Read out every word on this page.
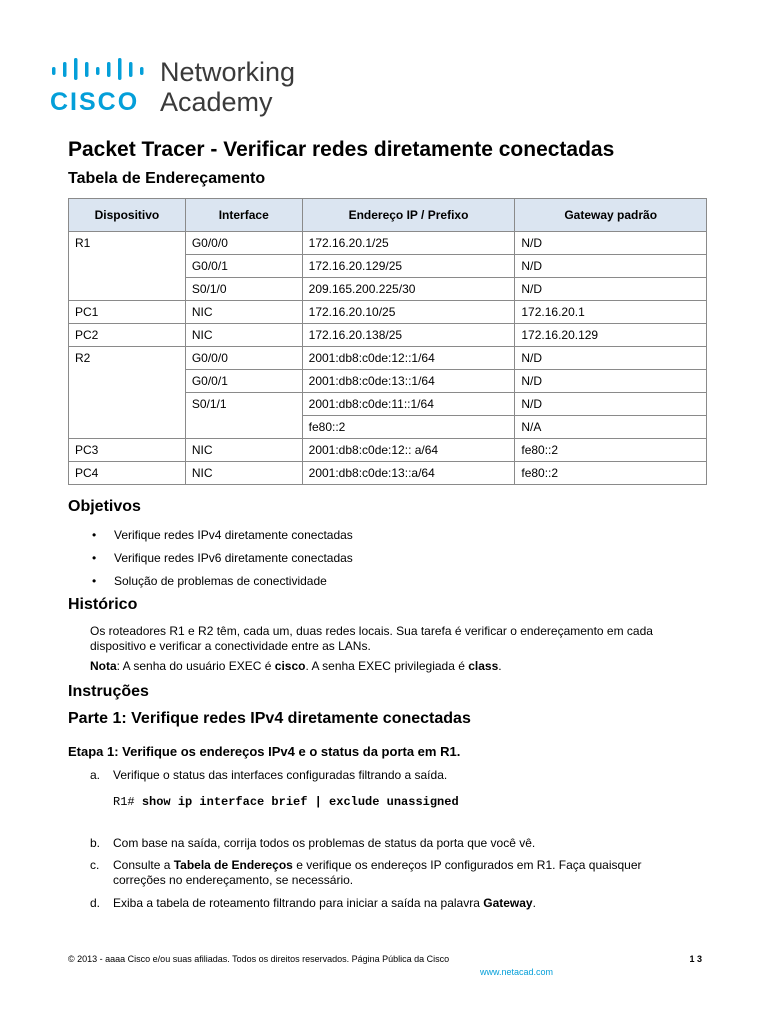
CISCO
Networking
Academy
Packet Tracer - Verificar redes diretamente conectadas
Tabela de Endereçamento
Dispositivo	Interface	Endereço IP / Prefixo	Gateway padrão
R1	G0/0/0	172.16.20.1/25	N/D
	G0/0/1	172.16.20.129/25	N/D
	S0/1/0	209.165.200.225/30	N/D
PC1	NIC	172.16.20.10/25	172.16.20.1
PC2	NIC	172.16.20.138/25	172.16.20.129
R2	G0/0/0	2001:db8:c0de:12::1/64	N/D
	G0/0/1	2001:db8:c0de:13::1/64	N/D
	S0/1/1	2001:db8:c0de:11::1/64	N/D
		fe80::2	N/A
PC3	NIC	2001:db8:c0de:12:: a/64	fe80::2
PC4	NIC	2001:db8:c0de:13::a/64	fe80::2
Objetivos
• Verifique redes IPv4 diretamente conectadas
• Verifique redes IPv6 diretamente conectadas
• Solução de problemas de conectividade
Histórico

Os roteadores R1 e R2 têm, cada um, duas redes locais. Sua tarefa é verificar o endereçamento em cada dispositivo e verificar a conectividade entre as LANs.

Nota: A senha do usuário EXEC é cisco. A senha EXEC privilegiada é class.

Instruções
Parte 1: Verifique redes IPv4 diretamente conectadas
Etapa 1: Verifique os endereços IPv4 e o status da porta em R1.
a.	Verifique o status das interfaces configuradas filtrando a saída.
R1# show ip interface brief | exclude unassigned
b.	Com base na saída, corrija todos os problemas de status da porta que você vê.
c.	Consulte a Tabela de Endereços e verifique os endereços IP configurados em R1. Faça quaisquer correções no endereçamento, se necessário.
d.	Exiba a tabela de roteamento filtrando para iniciar a saída na palavra Gateway.
© 2013 - aaaa Cisco e/ou suas afiliadas. Todos os direitos reservados. Página Pública da Cisco	1 3
www.netacad.com
